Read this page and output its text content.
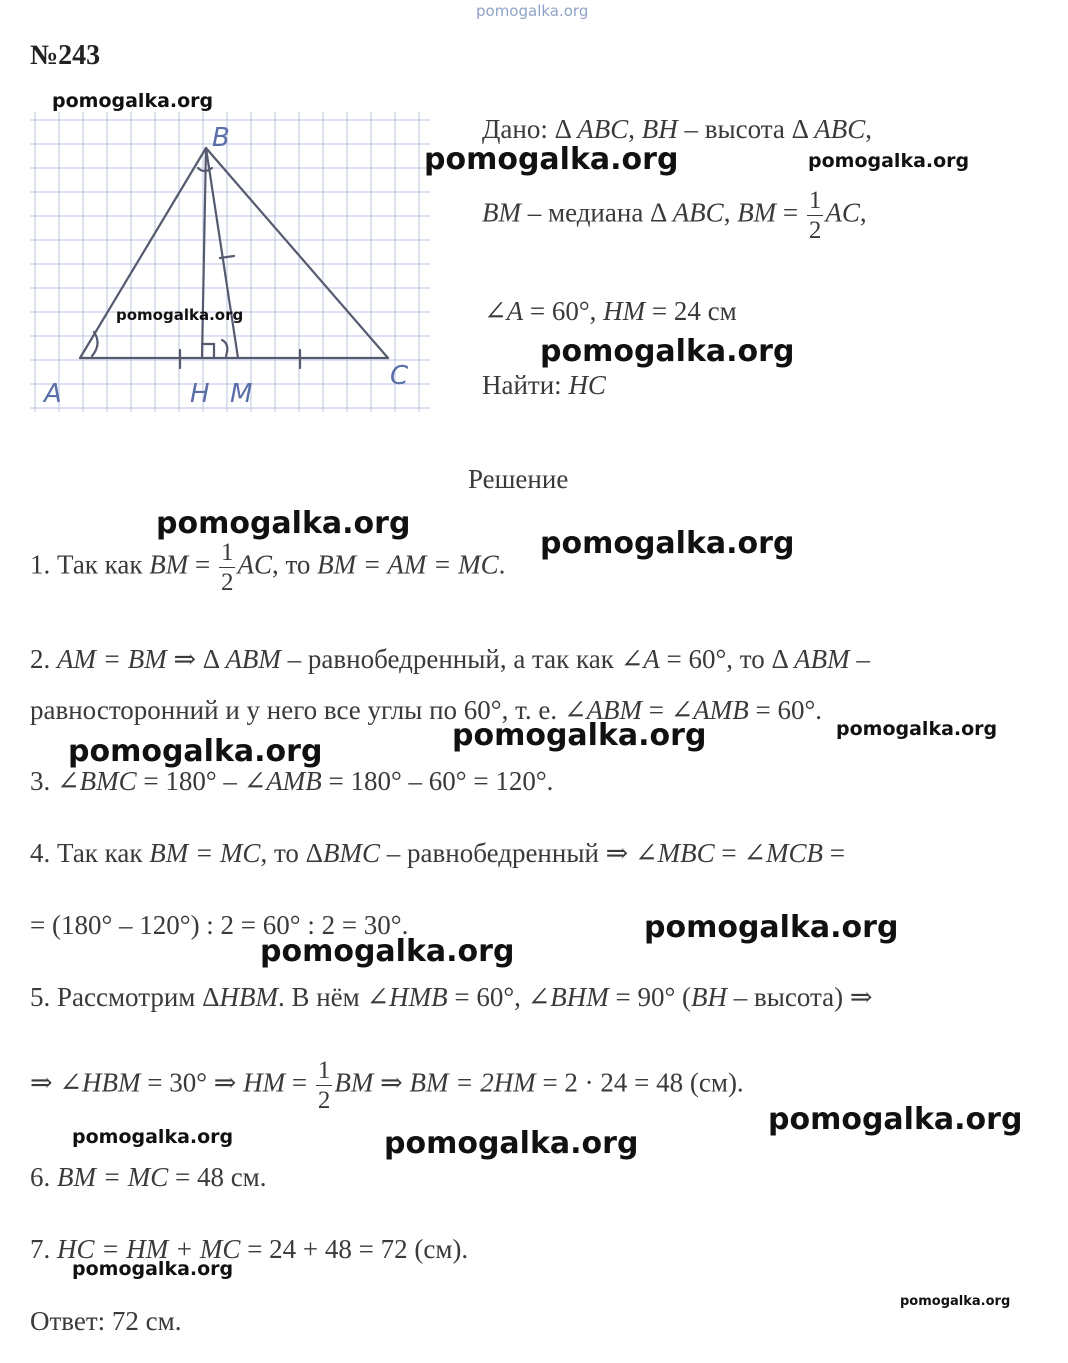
pomogalka.org
№243
A
B
C
H M
Дано: Δ ABC, BH – высота Δ ABC,
BM – медиана Δ ABC, BM = $\frac{1}{2}$ AC,
∠A = 60°, HM = 24 см
Найти: HC
Решение
1. Так как BM = $\frac{1}{2}$ AC, то BM = AM = MC.
2. AM = BM ⇒ Δ ABM – равнобедренный, а так как ∠A = 60°, то Δ ABM –
равносторонний и у него все углы по 60°, т. е. ∠ABM = ∠AMB = 60°.
3. ∠BMC = 180° – ∠AMB = 180° – 60° = 120°.
4. Так как BM = MC, то ΔBMC – равнобедренный ⇒ ∠MBC = ∠MCB =
= (180° – 120°) : 2 = 60° : 2 = 30°.
5. Рассмотрим ΔHBM. В нём ∠HMB = 60°, ∠BHM = 90° (BH – высота) ⇒
⇒ ∠HBM = 30° ⇒ HM = $\frac{1}{2}$ BM ⇒ BM = 2HM = 2 · 24 = 48 (см).
6. BM = MC = 48 см.
7. HC = HM + MC = 24 + 48 = 72 (см).
Ответ: 72 см.
pomogalka.org
pomogalka.org	pomogalka.org
pomogalka.org
pomogalka.org
pomogalka.org
pomogalka.org
pomogalka.org	pomogalka.org	pomogalka.org
pomogalka.org
pomogalka.org
pomogalka.org
pomogalka.org	pomogalka.org
pomogalka.org
pomogalka.org
